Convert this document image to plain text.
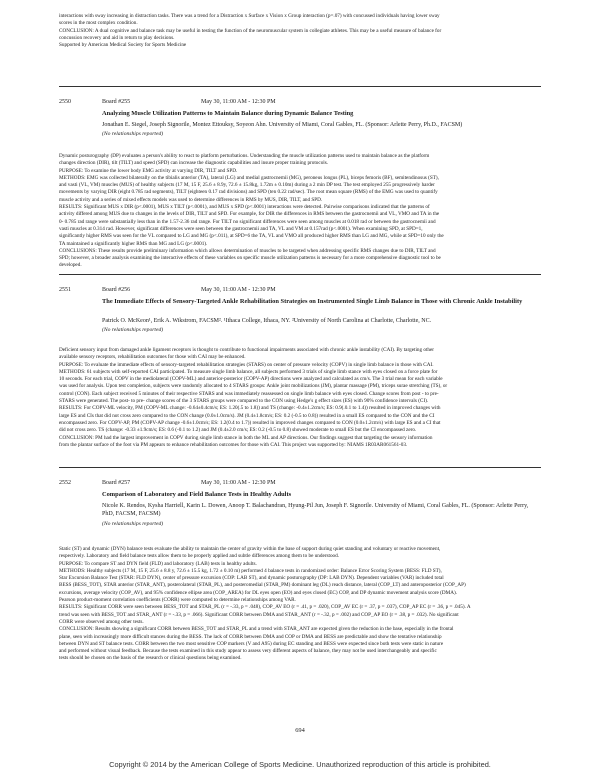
interactions with sway increasing in distraction tasks. There was a trend for a Distraction x Surface x Vision x Group interaction (p=.07) with concussed individuals having lower sway
scores in the most complex condition.
CONCLUSION: A dual cognitive and balance task may be useful in testing the function of the neuromuscular system in collegiate athletes. This may be a useful measure of balance for
concussion recovery and aid in return to play decisions.
Supported by American Medical Society for Sports Medicine
2550	Board #255	May 30, 11:00 AM - 12:30 PM
Analyzing Muscle Utilization Patterns to Maintain Balance during Dynamic Balance Testing
Jonathan E. Siegel, Joseph Signorile, Montez Ettouksy, Soyeon Ahn. University of Miami, Coral Gables, FL. (Sponsor: Arlette Perry, Ph.D., FACSM)
(No relationships reported)
Dynamic posturography (DP) evaluates a person's ability to react to platform perturbations. Understanding the muscle utilization patterns used to maintain balance as the platform
changes direction (DIR), tilt (TILT) and speed (SPD) can increase the diagnostic capabilities and insure proper training protocols.
PURPOSE: To examine the lower body EMG activity at varying DIR, TILT and SPD.
METHODS: EMG was collected bilaterally on the tibialis anterior (TA), lateral (LG) and medial gastrocnemii (MG), peroneus longus (PL), biceps femoris (BF), semitendinosus (ST),
and vasti (VL, VM) muscles (MUS) of healthy subjects (17 M, 15 F, 25.6 ± 8.9y, 72.6 ± 15.8kg, 1.72m ± 0.10m) during a 2 min DP test. The test employed 255 progressively harder
movements by varying DIR (eight 0.785 rad segments), TILT (eighteen 0.17 rad divisions) and SPD (ten 0.22 rad/sec). The root mean square (RMS) of the EMG was used to quantify
muscle activity and a series of mixed effects models was used to determine differences in RMS by MUS, DIR, TILT, and SPD.
RESULTS: Significant MUS x DIR (p<.0001), MUS x TILT (p<.0001), and MUS x SPD (p<.0001) interactions were detected. Pairwise comparisons indicated that the patterns of
activity differed among MUS due to changes in the levels of DIR, TILT and SPD. For example, for DIR the differences in RMS between the gastrocnemii and VL, VMO and TA in the
0- 0.785 rad range were substantially less than in the 1.57-2.36 rad range. For TILT no significant differences were seen among muscles at 0.018 rad or between the gastrocnemii and
vasti muscles at 0.314 rad. However, significant differences were seen between the gastrocnemii and TA, VL and VM at 0.157rad (p<.0001). When examining SPD, at SPD=1,
significantly higher RMS was seen for the VL compared to LG and MG (p<.011), at SPD=6 the TA, VL and VMO all produced higher RMS than LG and MG, while at SPD=10 only the
TA maintained a significantly higher RMS than MG and LG (p<.0001).
CONCLUSIONS: These results provide preliminary information which allows determination of muscles to be targeted when addressing specific RMS changes due to DIR, TILT and
SPD; however, a broader analysis examining the interactive effects of these variables on specific muscle utilization patterns is necessary for a more comprehensive diagnostic tool to be
developed.
2551	Board #256	May 30, 11:00 AM - 12:30 PM
The Immediate Effects of Sensory-Targeted Ankle Rehabilitation Strategies on Instrumented Single Limb Balance in Those with Chronic Ankle Instability
Patrick O. McKeon¹, Erik A. Wikstrom, FACSM². ¹Ithaca College, Ithaca, NY. ²University of North Carolina at Charlotte, Charlotte, NC.
(No relationships reported)
Deficient sensory input from damaged ankle ligament receptors is thought to contribute to functional impairments associated with chronic ankle instability (CAI). By targeting other
available sensory receptors, rehabilitation outcomes for those with CAI may be enhanced.
PURPOSE: To evaluate the immediate effects of sensory-targeted rehabilitation strategies (STARS) on center of pressure velocity (COPV) in single limb balance in those with CAI.
METHODS: 61 subjects with self-reported CAI participated. To measure single limb balance, all subjects performed 3 trials of single limb stance with eyes closed on a force plate for
10 seconds. For each trial, COPV in the mediolateral (COPV-ML) and anterior-posterior (COPV-AP) directions were analyzed and calculated as cm/s. The 3 trial mean for each variable
was used for analysis. Upon test completion, subjects were randomly allocated to 4 STARS groups: Ankle joint mobilizations (JM), plantar massage (PM), triceps surae stretching (TS), or
control (CON). Each subject received 5 minutes of their respective STARS and was immediately reassessed on single limb balance with eyes closed. Change scores from post - to pre-
STARS were generated. The post- to pre- change scores of the 3 STARS groups were compared to the CON using Hedge's g effect sizes (ES) with 90% confidence intervals (CI).
RESULTS: For COPV-ML velocity, PM (COPV-ML change: -0.64±0.4cm/s; ES: 1.20(.5 to 1.8)) and TS (change: -0.4±1.2cm/s; ES: 0.9(.0.1 to 1.4)) resulted in improved changes with
large ES and CIs that did not cross zero compared to the CON change (0.0±1.0cm/s). JM (0.4±1.8cm/s; ES: 0.2 (-0.5 to 0.8)) resulted in a small ES compared to the CON and the CI
encompassed zero. For COPV-AP, PM (COPV-AP change -0.6±1.0cm/s; ES: 1.2(0.4 to 1.7)) resulted in improved changes compared to CON (0.0±1.2cm/s) with large ES and a CI that
did not cross zero. TS (change: -0.33 ±1.9cm/s; ES: 0.6 (-0.1 to 1.2) and JM (0.4±2.0 cm/s; ES: 0.2 (-0.5 to 0.8) showed moderate to small ES but the CI encompassed zero.
CONCLUSION: PM had the largest improvement in COPV during single limb stance in both the ML and AP directions. Our findings suggest that targeting the sensory information
from the plantar surface of the foot via PM appears to enhance rehabilitation outcomes for those with CAI. This project was supported by: NIAMS 1R03AR061561-03.
2552	Board #257	May 30, 11:00 AM - 12:30 PM
Comparison of Laboratory and Field Balance Tests in Healthy Adults
Nicole K. Rendos, Kysha Harriell, Karin L. Dowen, Anoop T. Balachandran, Hyung-Pil Jun, Joseph F. Signorile. University of Miami, Coral Gables, FL. (Sponsor: Arlette Perry, PhD, FACSM, FACSM)
(No relationships reported)
Static (ST) and dynamic (DYN) balance tests evaluate the ability to maintain the center of gravity within the base of support during quiet standing and voluntary or reactive movement,
respectively. Laboratory and field balance tests allow them to be properly applied and subtle differences among them to be understood.
PURPOSE: To compare ST and DYN field (FLD) and laboratory (LAB) tests in healthy adults.
METHODS: Healthy subjects (17 M, 15 F, 25.6 ± 8.8 y, 72.6 ± 15.5 kg, 1.72 ± 0.10 m) performed 4 balance tests in randomized order: Balance Error Scoring System (BESS: FLD ST),
Star Excursion Balance Test (STAR: FLD DYN), center of pressure excursion (COP: LAB ST), and dynamic posturography (DP: LAB DYN). Dependent variables (VAR) included total
BESS (BESS_TOT), STAR anterior (STAR_ANT), posterolateral (STAR_PL), and posteromedial (STAR_PM) dominant leg (DL) reach distance, lateral (COP_LT) and anteroposterior (COP_AP)
excursions, average velocity (COP_AV), and 95% confidence ellipse area (COP_AREA) for DL eyes open (EO) and eyes closed (EC) COP, and DP dynamic movement analysis score (DMA).
Pearson product-moment correlation coefficients (CORR) were computed to determine relationships among VAR.
RESULTS: Significant CORR were seen between BESS_TOT and STAR_PL (r = -.33, p = .048), COP_AV EO (r = .41, p = .020), COP_AV EC (r = .37, p = .037), COP_AP EC (r = .36, p = .045). A
trend was seen with BESS_TOT and STAR_ANT (r = -.33, p = .066). Significant CORR between DMA and STAR_ANT (r = -.32, p = .002) and COP_AP EO (r = .38, p = .032). No significant
CORR were observed among other tests.
CONCLUSION: Results showing a significant CORR between BESS_TOT and STAR_PL and a trend with STAR_ANT are expected given the reduction in the base, especially in the frontal
plane, seen with increasingly more difficult stances during the BESS. The lack of CORR between DMA and COP or DMA and BESS are predictable and show the tentative relationship
between DYN and ST balance tests. CORR between the two most sensitive COP markers (V and A95) during EC standing and BESS were expected since both tests were static in nature
and performed without visual feedback. Because the tests examined in this study appear to assess very different aspects of balance, they may not be used interchangeably and specific
tests should be chosen on the basis of the research or clinical questions being examined.
694
Copyright © 2014 by the American College of Sports Medicine. Unauthorized reproduction of this article is prohibited.
